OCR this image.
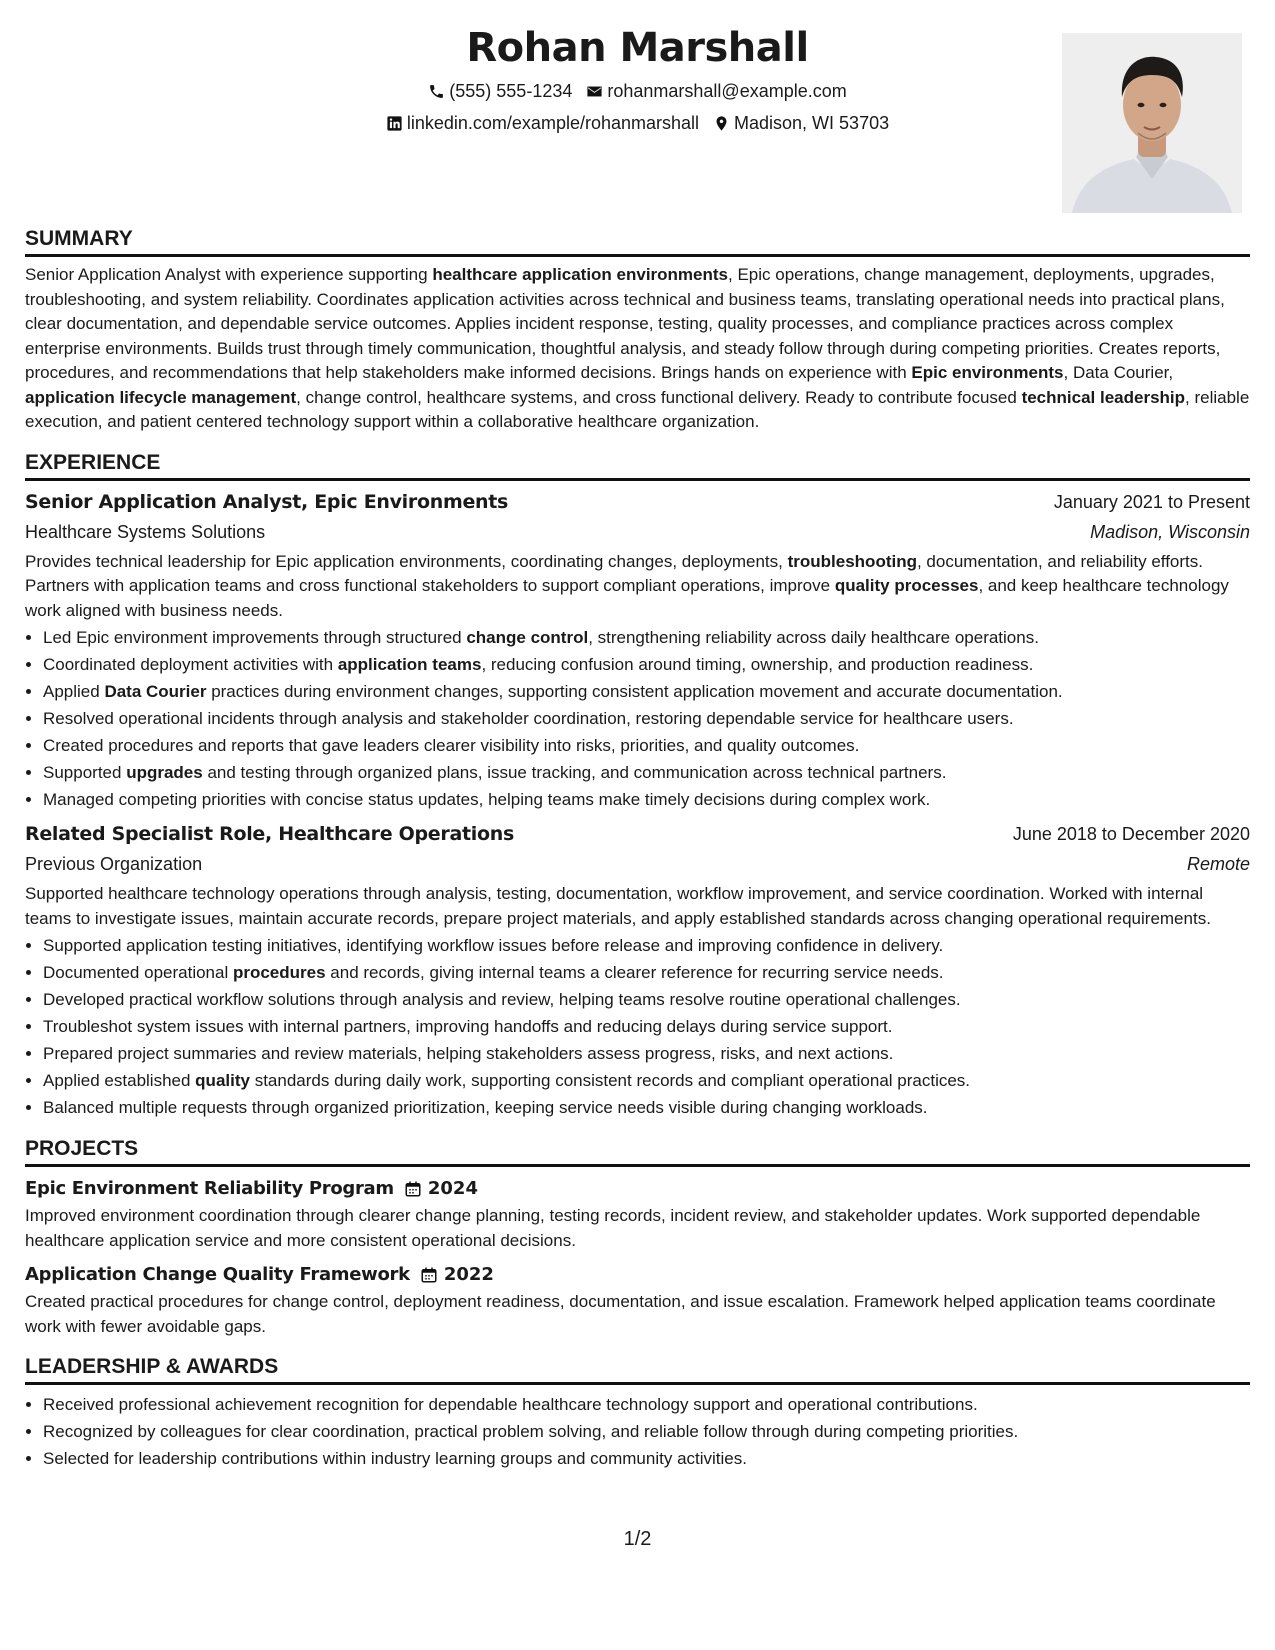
Rohan Marshall
(555) 555-1234 rohanmarshall@example.com
linkedin.com/example/rohanmarshall Madison, WI 53703
SUMMARY

Senior Application Analyst with experience supporting healthcare application environments, Epic operations, change management, deployments, upgrades, troubleshooting, and system reliability. Coordinates application activities across technical and business teams, translating operational needs into practical plans, clear documentation, and dependable service outcomes. Applies incident response, testing, quality processes, and compliance practices across complex enterprise environments. Builds trust through timely communication, thoughtful analysis, and steady follow through during competing priorities. Creates reports, procedures, and recommendations that help stakeholders make informed decisions. Brings hands on experience with Epic environments, Data Courier, application lifecycle management, change control, healthcare systems, and cross functional delivery. Ready to contribute focused technical leadership, reliable execution, and patient centered technology support within a collaborative healthcare organization.

EXPERIENCE
Senior Application Analyst, Epic Environments	January 2021 to Present
Healthcare Systems Solutions	Madison, Wisconsin

Provides technical leadership for Epic application environments, coordinating changes, deployments, troubleshooting, documentation, and reliability efforts. Partners with application teams and cross functional stakeholders to support compliant operations, improve quality processes, and keep healthcare technology work aligned with business needs.

• Led Epic environment improvements through structured change control, strengthening reliability across daily healthcare operations.
• Coordinated deployment activities with application teams, reducing confusion around timing, ownership, and production readiness.
• Applied Data Courier practices during environment changes, supporting consistent application movement and accurate documentation.
• Resolved operational incidents through analysis and stakeholder coordination, restoring dependable service for healthcare users.
• Created procedures and reports that gave leaders clearer visibility into risks, priorities, and quality outcomes.
• Supported upgrades and testing through organized plans, issue tracking, and communication across technical partners.
• Managed competing priorities with concise status updates, helping teams make timely decisions during complex work.
Related Specialist Role, Healthcare Operations	June 2018 to December 2020
Previous Organization	Remote

Supported healthcare technology operations through analysis, testing, documentation, workflow improvement, and service coordination. Worked with internal teams to investigate issues, maintain accurate records, prepare project materials, and apply established standards across changing operational requirements.

• Supported application testing initiatives, identifying workflow issues before release and improving confidence in delivery.
• Documented operational procedures and records, giving internal teams a clearer reference for recurring service needs.
• Developed practical workflow solutions through analysis and review, helping teams resolve routine operational challenges.
• Troubleshot system issues with internal partners, improving handoffs and reducing delays during service support.
• Prepared project summaries and review materials, helping stakeholders assess progress, risks, and next actions.
• Applied established quality standards during daily work, supporting consistent records and compliant operational practices.
• Balanced multiple requests through organized prioritization, keeping service needs visible during changing workloads.
PROJECTS
Epic Environment Reliability Program 2024

Improved environment coordination through clearer change planning, testing records, incident review, and stakeholder updates. Work supported dependable healthcare application service and more consistent operational decisions.

Application Change Quality Framework 2022

Created practical procedures for change control, deployment readiness, documentation, and issue escalation. Framework helped application teams coordinate work with fewer avoidable gaps.

LEADERSHIP & AWARDS
• Received professional achievement recognition for dependable healthcare technology support and operational contributions.
• Recognized by colleagues for clear coordination, practical problem solving, and reliable follow through during competing priorities.
• Selected for leadership contributions within industry learning groups and community activities.
1/2
